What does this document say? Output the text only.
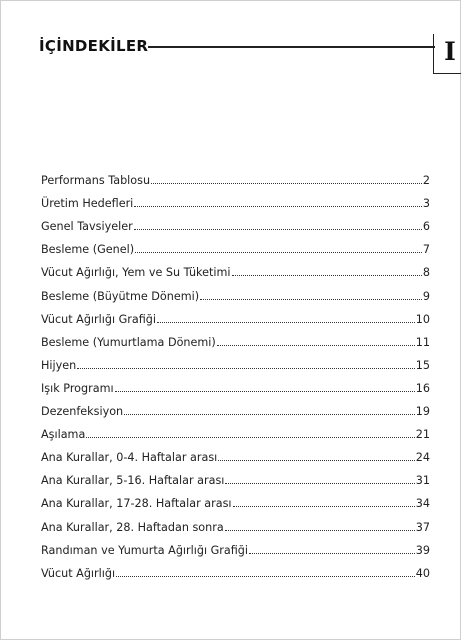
İÇİNDEKİLER	I
Performans Tablosu	2
Üretim Hedefleri	3
Genel Tavsiyeler	6
Besleme (Genel)	7
Vücut Ağırlığı, Yem ve Su Tüketimi	8
Besleme (Büyütme Dönemi)	9
Vücut Ağırlığı Grafiği	10
Besleme (Yumurtlama Dönemi)	11
Hijyen	15
Işık Programı	16
Dezenfeksiyon	19
Aşılama	21
Ana Kurallar, 0-4. Haftalar arası	24
Ana Kurallar, 5-16. Haftalar arası	31
Ana Kurallar, 17-28. Haftalar arası	34
Ana Kurallar, 28. Haftadan sonra	37
Randıman ve Yumurta Ağırlığı Grafiği	39
Vücut Ağırlığı	40
